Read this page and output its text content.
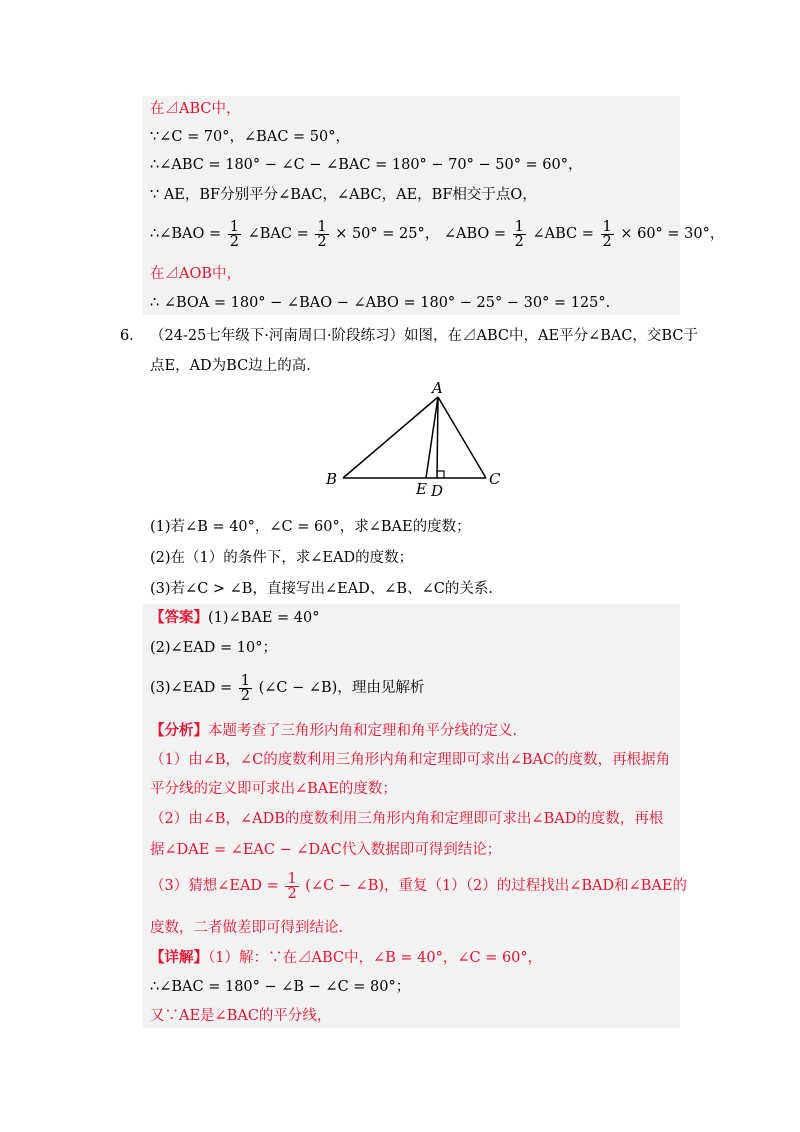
在⊿ABC中，
∵∠C = 70°，∠BAC = 50°，
∴∠ABC = 180° − ∠C − ∠BAC = 180° − 70° − 50° = 60°，
∵ AE，BF分别平分∠BAC，∠ABC，AE，BF相交于点O，
∴∠BAO = $\frac{1}{2}$ ∠BAC = $\frac{1}{2} \times 50^\circ = 25^\circ$， ∠ABO = $\frac{1}{2}$ ∠ABC = $\frac{1}{2} \times 60^\circ = 30^\circ$，
在⊿AOB中，
∴ ∠BOA = 180° − ∠BAO − ∠ABO = 180° − 25° − 30° = 125°.
6． （24-25七年级下·河南周口·阶段练习）如图，在⊿ABC中，AE平分∠BAC，交BC于
点E，AD为BC边上的高.
A
B	C
E D
(1)若∠B = 40°，∠C = 60°，求∠BAE的度数；
(2)在（1）的条件下，求∠EAD的度数；
(3)若∠C > ∠B，直接写出∠EAD、∠B、∠C的关系.
【答案】(1)∠BAE = 40°
(2)∠EAD = 10°；
(3)∠EAD = $\frac{1}{2}$ (∠C − ∠B)，理由见解析
【分析】本题考查了三角形内角和定理和角平分线的定义.
（1）由∠B，∠C的度数利用三角形内角和定理即可求出∠BAC的度数，再根据角
平分线的定义即可求出∠BAE的度数；
（2）由∠B，∠ADB的度数利用三角形内角和定理即可求出∠BAD的度数，再根
据∠DAE = ∠EAC − ∠DAC代入数据即可得到结论；
（3）猜想∠EAD = $\frac{1}{2}$ (∠C − ∠B)，重复（1）（2）的过程找出∠BAD和∠BAE的
度数，二者做差即可得到结论.
【详解】（1）解：∵在⊿ABC中，∠B = 40°，∠C = 60°，
∴∠BAC = 180° − ∠B − ∠C = 80°；
又∵AE是∠BAC的平分线，
